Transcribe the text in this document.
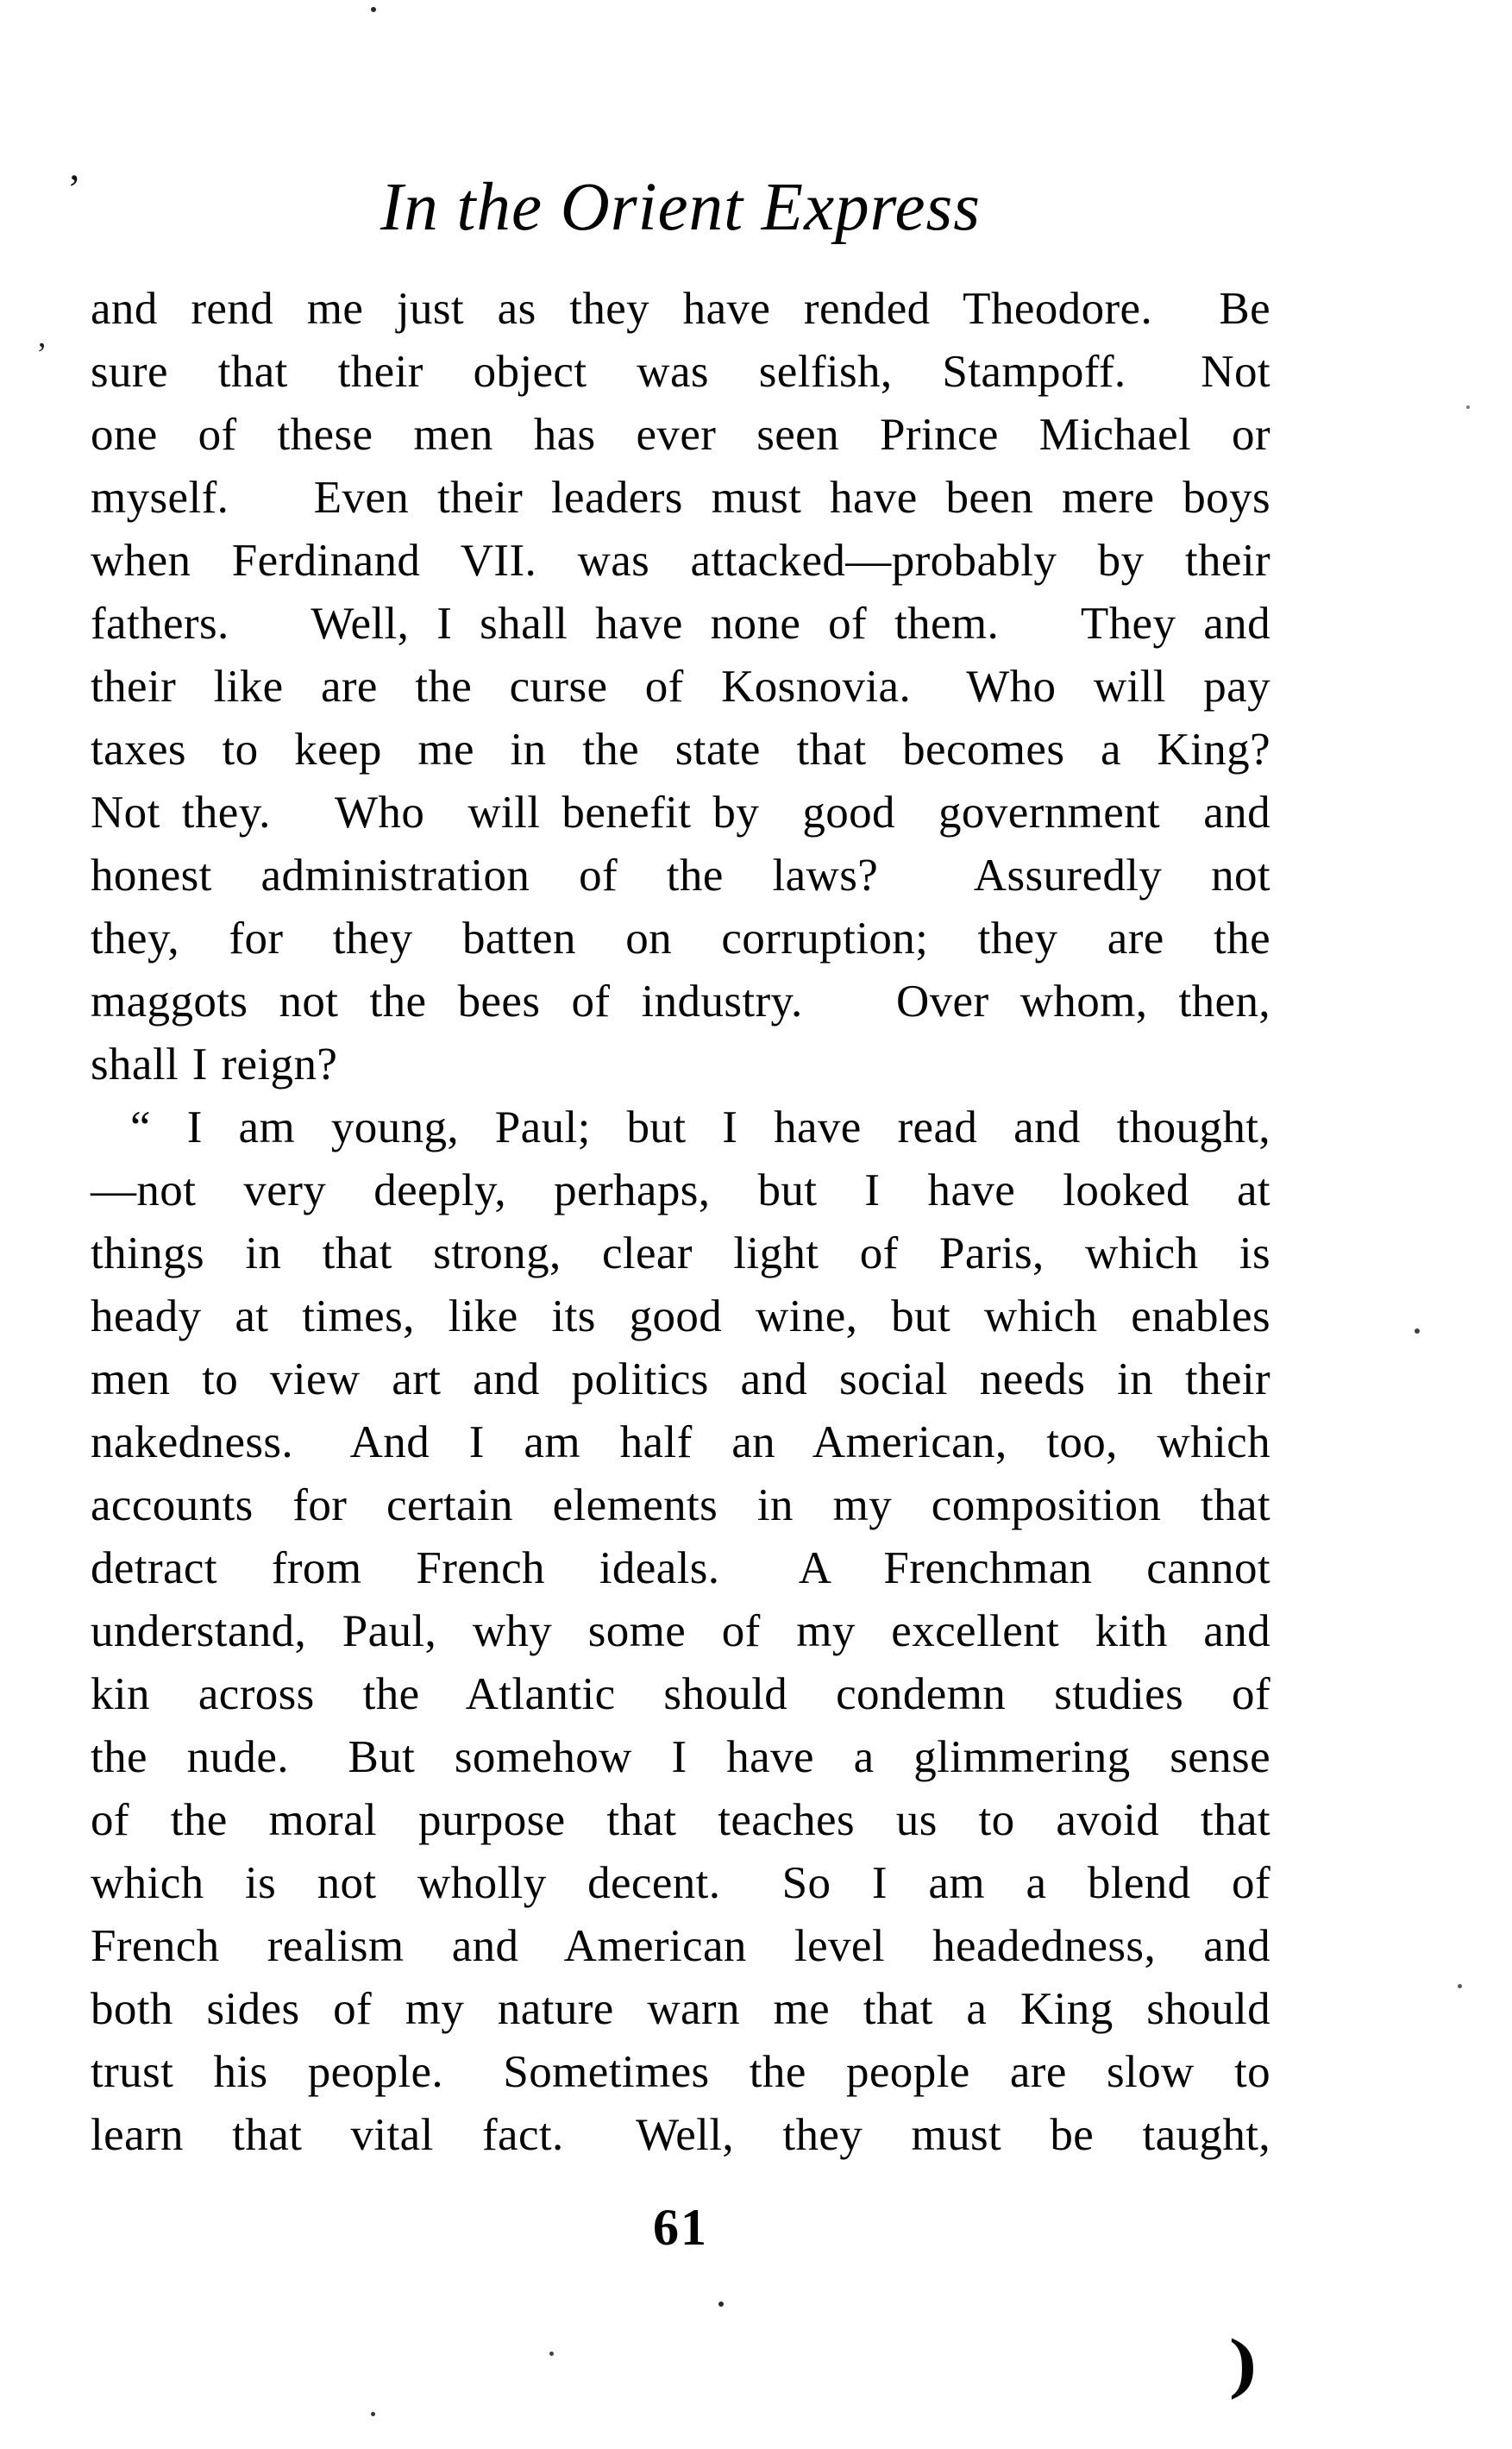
In the Orient Express
and rend me just as they have rended Theodore.  Be
sure  that  their  object  was  selfish,  Stampoff.   Not
one  of  these  men  has  ever  seen  Prince  Michael  or
myself.   Even their leaders must have been mere boys
when Ferdinand VII. was attacked—probably by their
fathers.   Well, I shall have none of them.   They and
their  like  are  the  curse  of  Kosnovia.   Who  will  pay
taxes  to  keep  me  in  the  state  that  becomes  a  King?
Not they.   Who  will benefit by  good  government  and
honest  administration  of  the  laws?    Assuredly  not
they,  for  they  batten  on  corruption;  they  are  the
maggots not the bees of industry.   Over whom, then,
shall I reign?
“ I am young, Paul; but I have read and thought,
—not  very  deeply,  perhaps,  but  I  have  looked  at
things  in  that  strong,  clear  light  of  Paris,  which  is
heady at times, like its good wine, but which enables
men to view art and politics and social needs in their
nakedness.   And  I  am  half  an  American,  too,  which
accounts  for  certain  elements  in  my  composition  that
detract  from  French  ideals.   A  Frenchman  cannot
understand, Paul, why some of my excellent kith and
kin  across  the  Atlantic  should  condemn  studies  of
the  nude.   But  somehow  I  have  a  glimmering  sense
of  the  moral  purpose  that  teaches  us  to  avoid  that
which  is  not  wholly  decent.   So  I  am  a  blend  of
French  realism  and  American  level  headedness,  and
both  sides  of  my  nature  warn  me  that  a  King  should
trust  his  people.   Sometimes  the  people  are  slow  to
learn  that  vital  fact.   Well,  they  must  be  taught,
61
’
’
)
